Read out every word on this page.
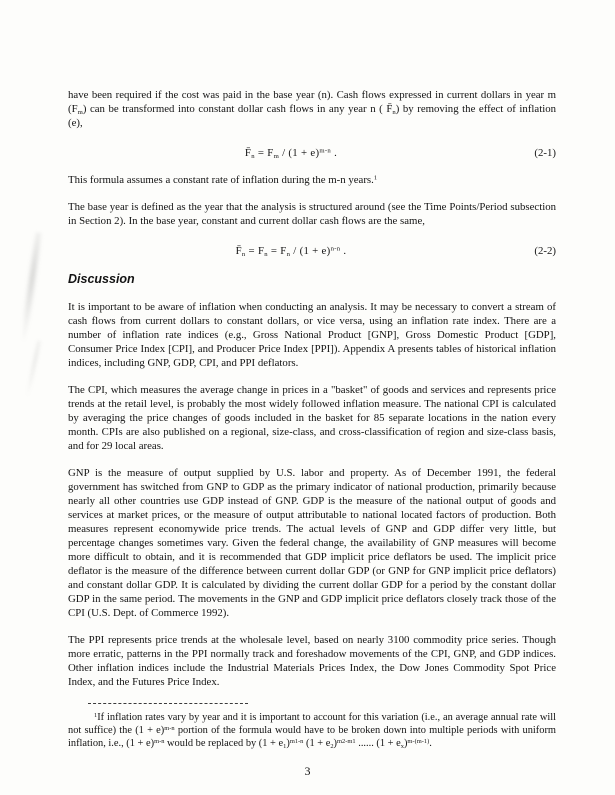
have been required if the cost was paid in the base year (n). Cash flows expressed in current dollars in year m $(F_m)$ can be transformed into constant dollar cash flows in any year n ( $F̄_n$) by removing the effect of inflation (e),

$F̄_n = F_m / (1 + e)^{m-n}$ .	(2-1)

This formula assumes a constant rate of inflation during the m-n years.$^1$

The base year is defined as the year that the analysis is structured around (see the Time Points/Period subsection in Section 2). In the base year, constant and current dollar cash flows are the same,

$F̄_n = F_n = F_n / (1 + e)^{n-n}$ .	(2-2)
Discussion

It is important to be aware of inflation when conducting an analysis. It may be necessary to convert a stream of cash flows from current dollars to constant dollars, or vice versa, using an inflation rate index. There are a number of inflation rate indices (e.g., Gross National Product [GNP], Gross Domestic Product [GDP], Consumer Price Index [CPI], and Producer Price Index [PPI]). Appendix A presents tables of historical inflation indices, including GNP, GDP, CPI, and PPI deflators.

The CPI, which measures the average change in prices in a "basket" of goods and services and represents price trends at the retail level, is probably the most widely followed inflation measure. The national CPI is calculated by averaging the price changes of goods included in the basket for 85 separate locations in the nation every month. CPIs are also published on a regional, size-class, and cross-classification of region and size-class basis, and for 29 local areas.

GNP is the measure of output supplied by U.S. labor and property. As of December 1991, the federal government has switched from GNP to GDP as the primary indicator of national production, primarily because nearly all other countries use GDP instead of GNP. GDP is the measure of the national output of goods and services at market prices, or the measure of output attributable to national located factors of production. Both measures represent economywide price trends. The actual levels of GNP and GDP differ very little, but percentage changes sometimes vary. Given the federal change, the availability of GNP measures will become more difficult to obtain, and it is recommended that GDP implicit price deflators be used. The implicit price deflator is the measure of the difference between current dollar GDP (or GNP for GNP implicit price deflators) and constant dollar GDP. It is calculated by dividing the current dollar GDP for a period by the constant dollar GDP in the same period. The movements in the GNP and GDP implicit price deflators closely track those of the CPI (U.S. Dept. of Commerce 1992).

The PPI represents price trends at the wholesale level, based on nearly 3100 commodity price series. Though more erratic, patterns in the PPI normally track and foreshadow movements of the CPI, GNP, and GDP indices. Other inflation indices include the Industrial Materials Prices Index, the Dow Jones Commodity Spot Price Index, and the Futures Price Index.

$^1$If inflation rates vary by year and it is important to account for this variation (i.e., an average annual rate will not suffice) the $(1 + e)^{m-n}$ portion of the formula would have to be broken down into multiple periods with uniform inflation, i.e., $(1 + e)^{m-n}$ would be replaced by $(1 + e_1)^{m1-n}$ $(1 + e_2)^{m2-m1}$ ...... $(1 + e_x)^{m-(m-1)}$.
3
